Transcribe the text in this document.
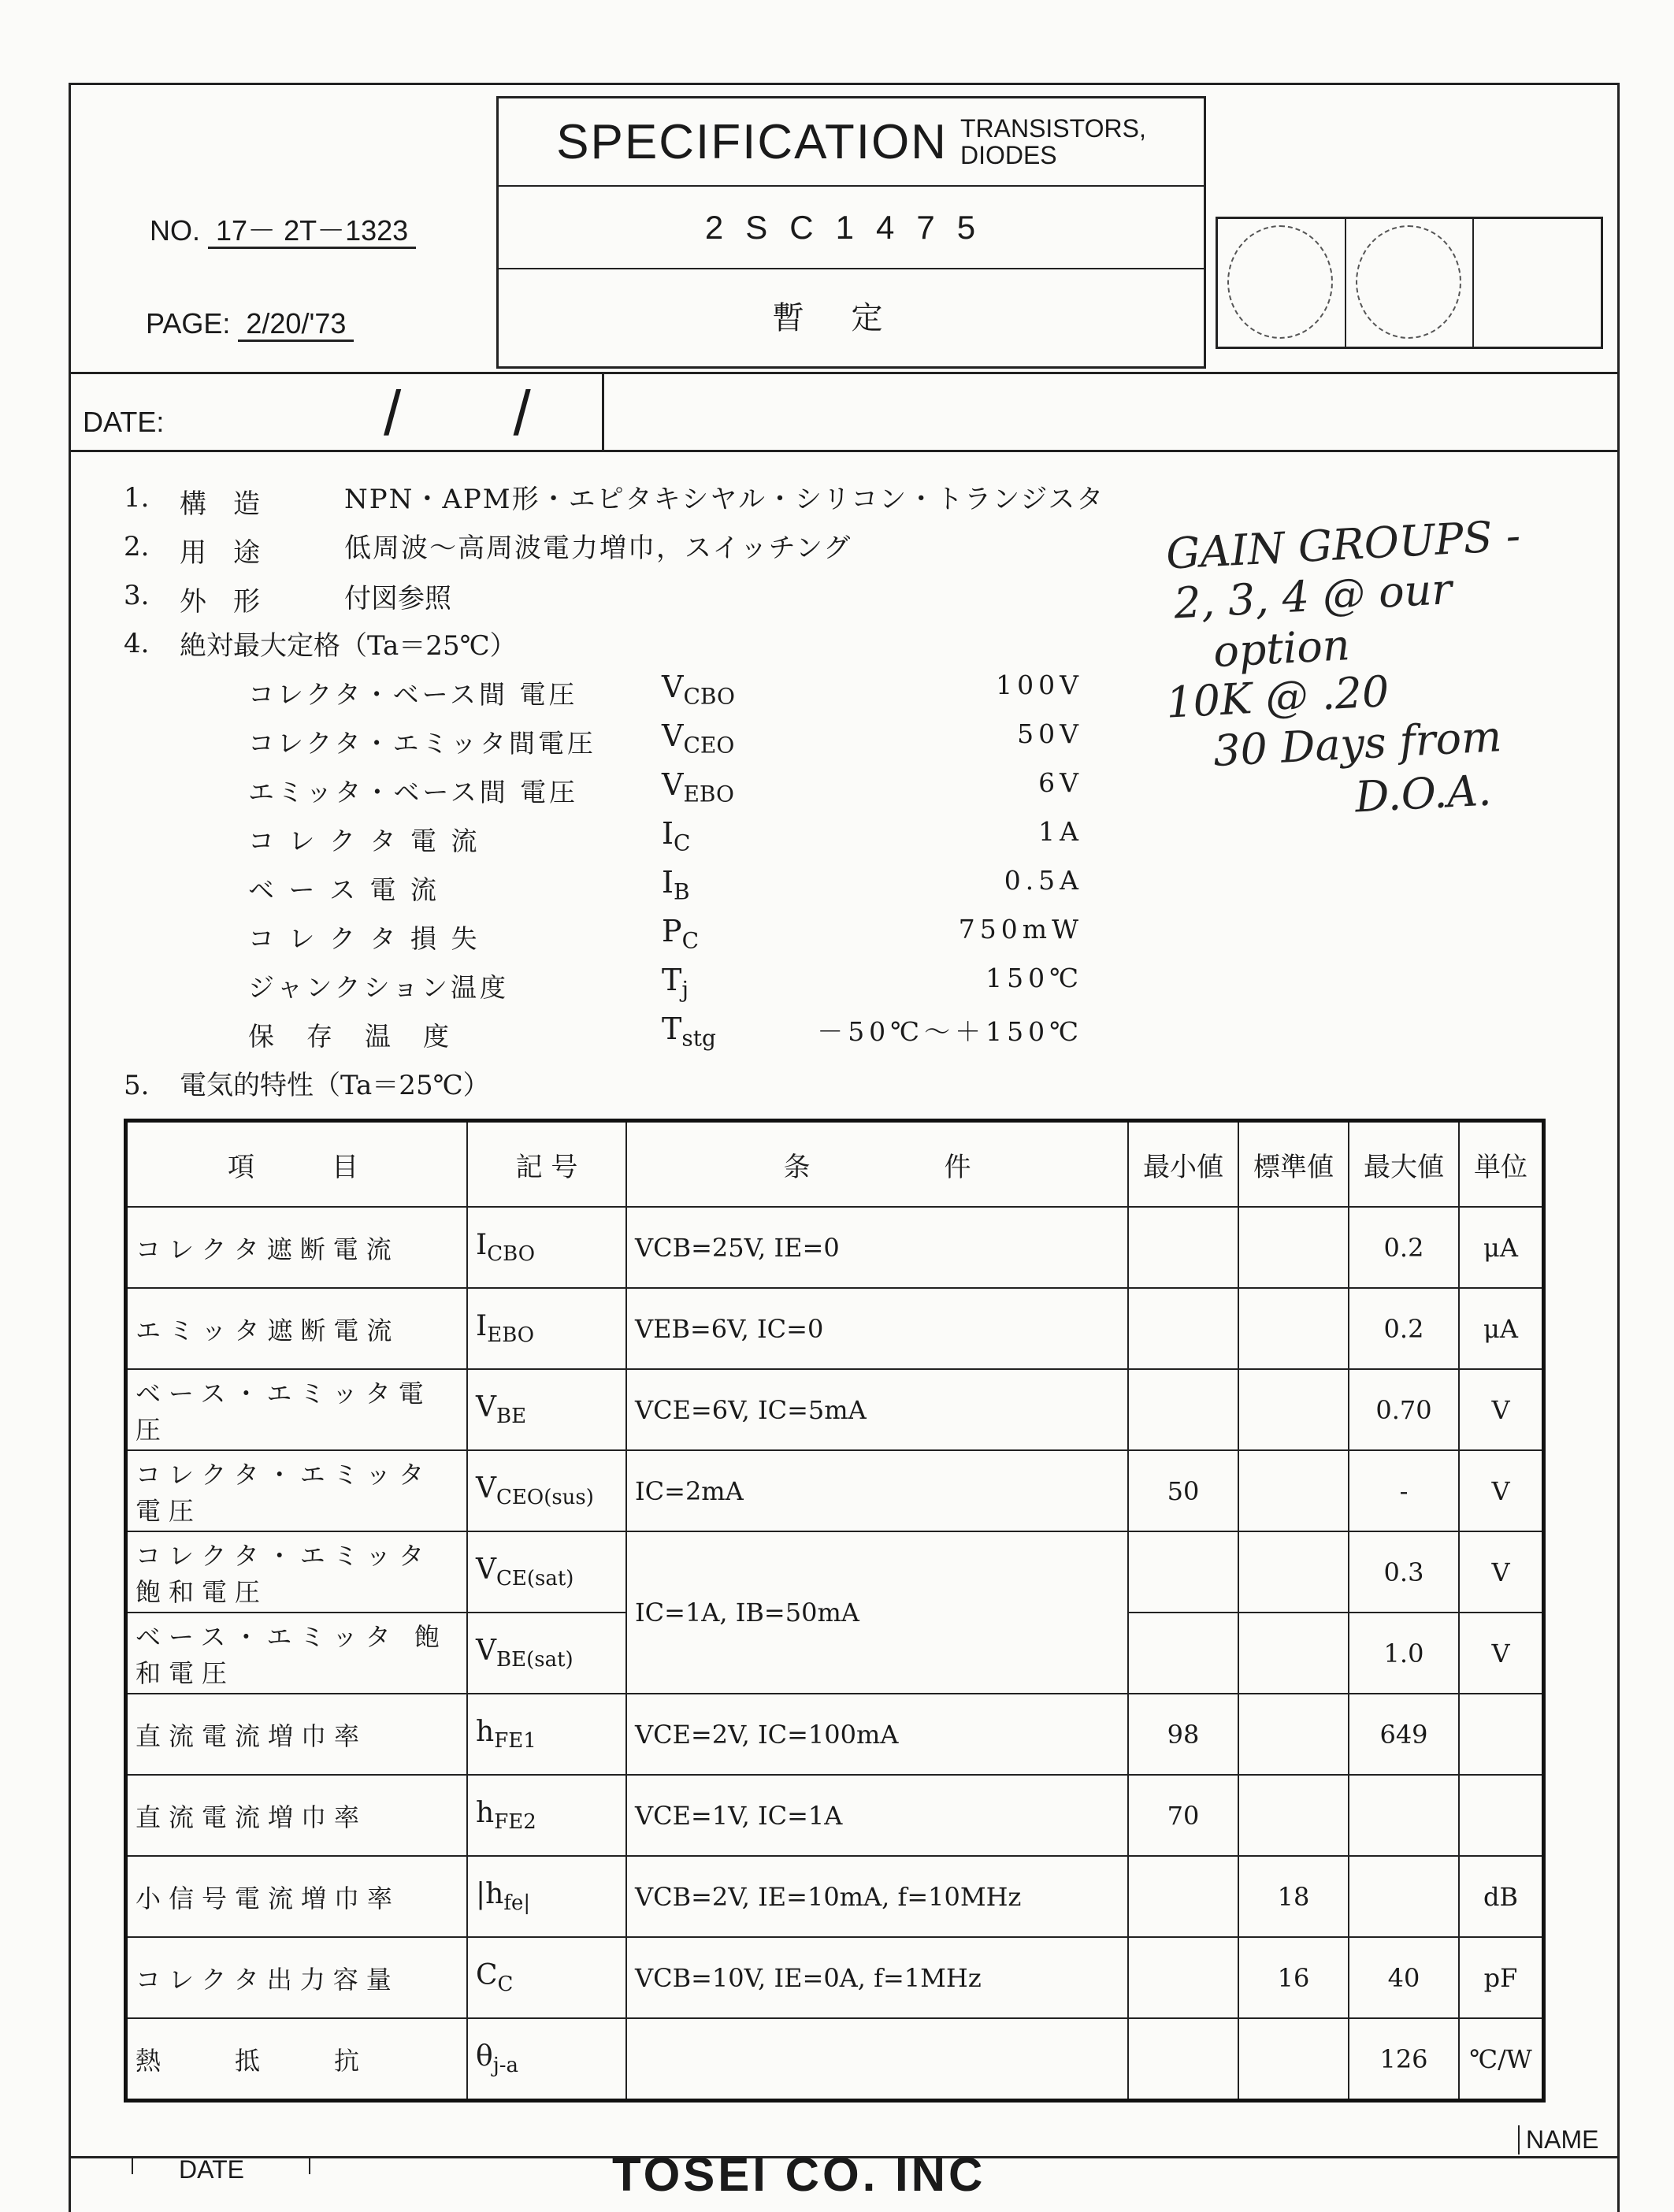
NO. 17－ 2T－1323
PAGE: 2/20/'73
SPECIFICATION TRANSISTORS,
DIODES
2SC1475
暫定
DATE:	/ /
1. 構　造	NPN・APM形・エピタキシヤル・シリコン・トランジスタ
2. 用　途	低周波～高周波電力増巾，スイッチング
3. 外　形	付図参照
4. 絶対最大定格（Ta＝25℃）
コレクタ・ベース間 電圧	$V_{CBO}$	100V
コレクタ・エミッタ間電圧 $V_{CEO}$	50V
エミッタ・ベース間 電圧	$V_{EBO}$	6V
コ レ ク タ 電 流	$I_C$	1A
ベ ー ス 電 流	$I_B$	0.5A
コ レ ク タ 損 失	$P_C$	750mW
ジャンクション温度	$T_j$	150℃
保　存　温　度	$T_{stg}$	－50℃～＋150℃
5. 電気的特性（Ta＝25℃）
GAIN GROUPS -
2, 3, 4 @ our
option
10K @ .20
30 Days from
D.O.A.
項　　目	記 号	条　　　　　件	最小値	標準値	最大値	単位
コレクタ遮断電流	$I_{CBO}$	VCB=25V, IE=0			0.2	μA
エミッタ遮断電流	$I_{EBO}$	VEB=6V, IC=0			0.2	μA
ベース・エミッタ電圧	$V_{BE}$	VCE=6V, IC=5mA			0.70	V
コレクタ・エミッタ電圧	$V_{CEO(sus)}$	IC=2mA	50		-	V
コレクタ・エミッタ 飽和電圧	$V_{CE(sat)}$	IC=1A, IB=50mA			0.3	V
ベース・エミッタ 飽和電圧	$V_{BE(sat)}$				1.0	V
直流電流増巾率	$h_{FE1}$	VCE=2V, IC=100mA	98		649	
直流電流増巾率	$h_{FE2}$	VCE=1V, IC=1A	70			
小信号電流増巾率	$|h_{fe|}$	VCB=2V, IE=10mA, f=10MHz		18		dB
コレクタ出力容量	$C_C$	VCB=10V, IE=0A, f=1MHz		16	40	pF
熱　　抵　　抗	$\theta_{j-a}$				126	℃/W
DATE	TOSEI CO. INC
NAME
